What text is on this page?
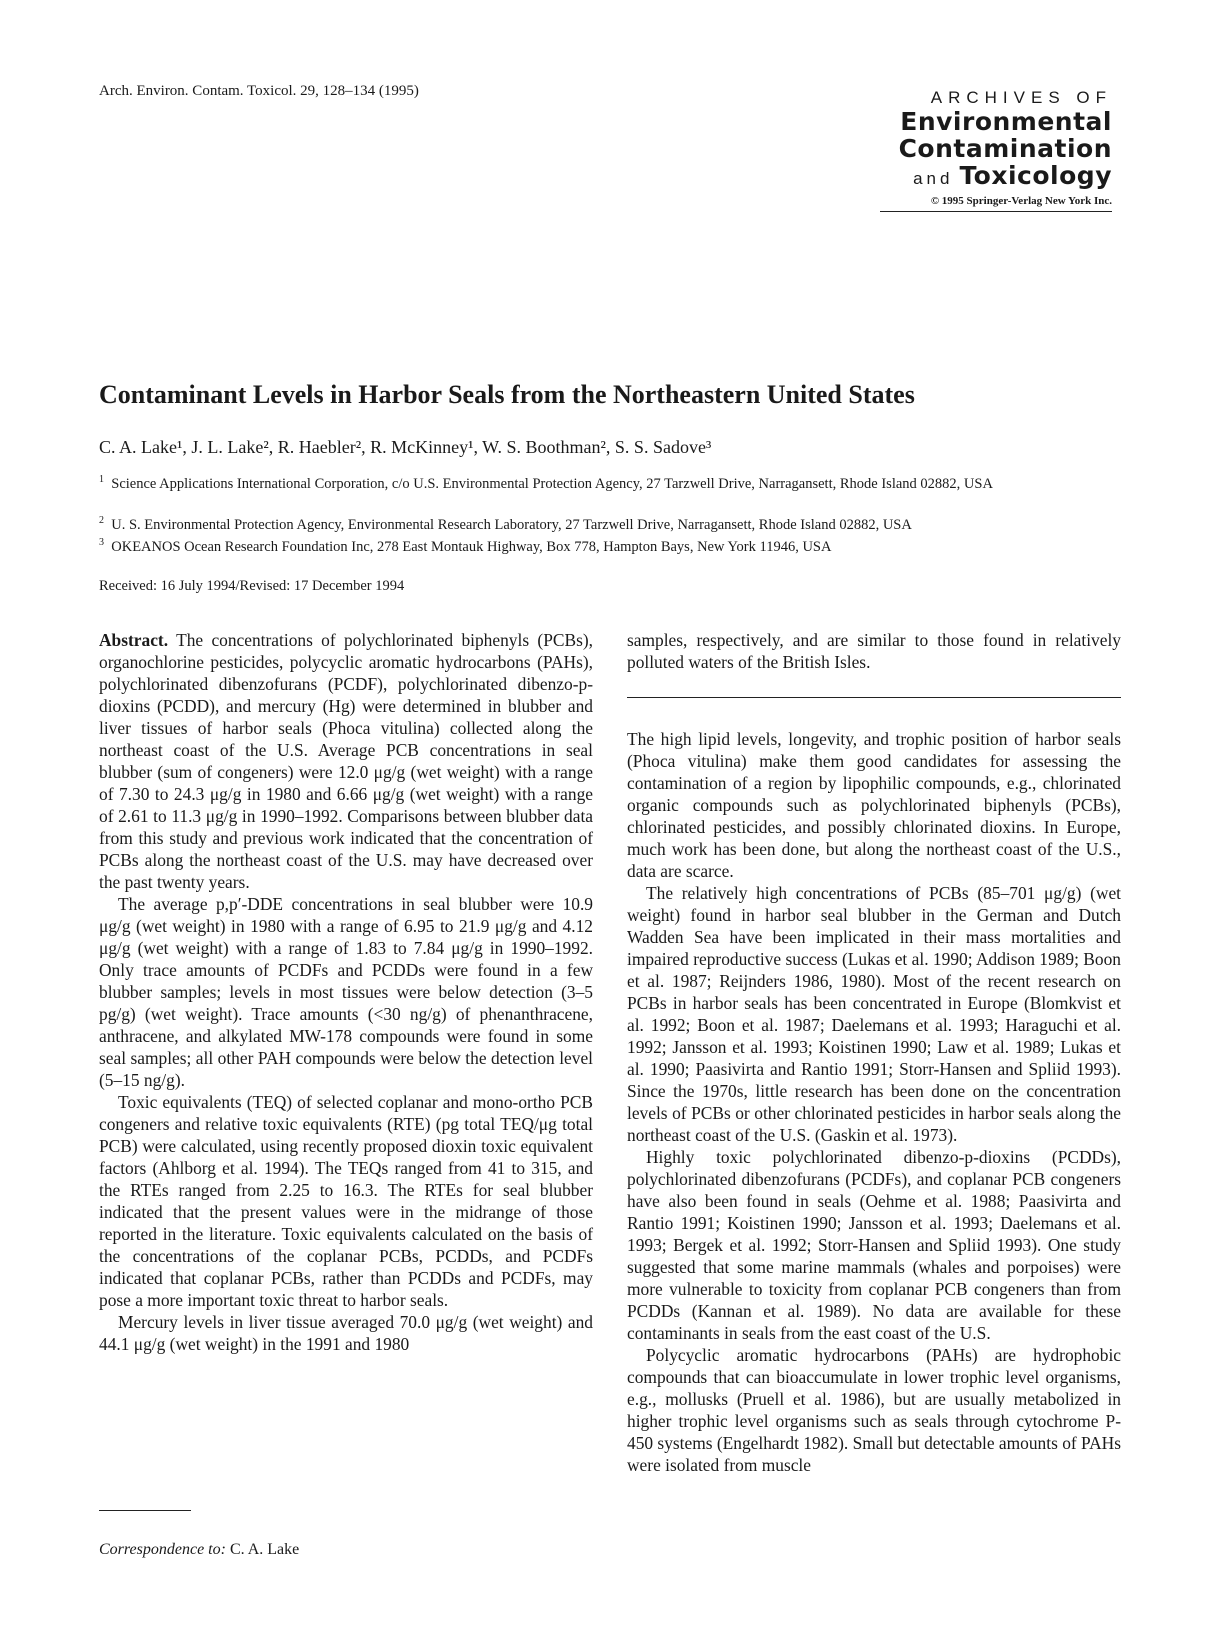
Arch. Environ. Contam. Toxicol. 29, 128–134 (1995)	ARCHIVES OF
Environmental
Contamination
and Toxicology
© 1995 Springer-Verlag New York Inc.
Contaminant Levels in Harbor Seals from the Northeastern United States
C. A. Lake¹, J. L. Lake², R. Haebler², R. McKinney¹, W. S. Boothman², S. S. Sadove³
$^1$ Science Applications International Corporation, c/o U.S. Environmental Protection Agency, 27 Tarzwell Drive, Narragansett, Rhode Island 02882, USA
$^2$ U. S. Environmental Protection Agency, Environmental Research Laboratory, 27 Tarzwell Drive, Narragansett, Rhode Island 02882, USA
$^3$ OKEANOS Ocean Research Foundation Inc, 278 East Montauk Highway, Box 778, Hampton Bays, New York 11946, USA
Received: 16 July 1994/Revised: 17 December 1994

Abstract. The concentrations of polychlorinated biphenyls (PCBs), organochlorine pesticides, polycyclic aromatic hydrocarbons (PAHs), polychlorinated dibenzofurans (PCDF), polychlorinated dibenzo-p-dioxins (PCDD), and mercury (Hg) were determined in blubber and liver tissues of harbor seals (Phoca vitulina) collected along the northeast coast of the U.S. Average PCB concentrations in seal blubber (sum of congeners) were 12.0 μg/g (wet weight) with a range of 7.30 to 24.3 μg/g in 1980 and 6.66 μg/g (wet weight) with a range of 2.61 to 11.3 μg/g in 1990–1992. Comparisons between blubber data from this study and previous work indicated that the concentration of PCBs along the northeast coast of the U.S. may have decreased over the past twenty years.

The average p,p′-DDE concentrations in seal blubber were 10.9 μg/g (wet weight) in 1980 with a range of 6.95 to 21.9 μg/g and 4.12 μg/g (wet weight) with a range of 1.83 to 7.84 μg/g in 1990–1992. Only trace amounts of PCDFs and PCDDs were found in a few blubber samples; levels in most tissues were below detection (3–5 pg/g) (wet weight). Trace amounts (<30 ng/g) of phenanthracene, anthracene, and alkylated MW-178 compounds were found in some seal samples; all other PAH compounds were below the detection level (5–15 ng/g).

Toxic equivalents (TEQ) of selected coplanar and mono-ortho PCB congeners and relative toxic equivalents (RTE) (pg total TEQ/μg total PCB) were calculated, using recently proposed dioxin toxic equivalent factors (Ahlborg et al. 1994). The TEQs ranged from 41 to 315, and the RTEs ranged from 2.25 to 16.3. The RTEs for seal blubber indicated that the present values were in the midrange of those reported in the literature. Toxic equivalents calculated on the basis of the concentrations of the coplanar PCBs, PCDDs, and PCDFs indicated that coplanar PCBs, rather than PCDDs and PCDFs, may pose a more important toxic threat to harbor seals.

Mercury levels in liver tissue averaged 70.0 μg/g (wet weight) and 44.1 μg/g (wet weight) in the 1991 and 1980

Correspondence to: C. A. Lake

samples, respectively, and are similar to those found in relatively polluted waters of the British Isles.

The high lipid levels, longevity, and trophic position of harbor seals (Phoca vitulina) make them good candidates for assessing the contamination of a region by lipophilic compounds, e.g., chlorinated organic compounds such as polychlorinated biphenyls (PCBs), chlorinated pesticides, and possibly chlorinated dioxins. In Europe, much work has been done, but along the northeast coast of the U.S., data are scarce.

The relatively high concentrations of PCBs (85–701 μg/g) (wet weight) found in harbor seal blubber in the German and Dutch Wadden Sea have been implicated in their mass mortalities and impaired reproductive success (Lukas et al. 1990; Addison 1989; Boon et al. 1987; Reijnders 1986, 1980). Most of the recent research on PCBs in harbor seals has been concentrated in Europe (Blomkvist et al. 1992; Boon et al. 1987; Daelemans et al. 1993; Haraguchi et al. 1992; Jansson et al. 1993; Koistinen 1990; Law et al. 1989; Lukas et al. 1990; Paasivirta and Rantio 1991; Storr-Hansen and Spliid 1993). Since the 1970s, little research has been done on the concentration levels of PCBs or other chlorinated pesticides in harbor seals along the northeast coast of the U.S. (Gaskin et al. 1973).

Highly toxic polychlorinated dibenzo-p-dioxins (PCDDs), polychlorinated dibenzofurans (PCDFs), and coplanar PCB congeners have also been found in seals (Oehme et al. 1988; Paasivirta and Rantio 1991; Koistinen 1990; Jansson et al. 1993; Daelemans et al. 1993; Bergek et al. 1992; Storr-Hansen and Spliid 1993). One study suggested that some marine mammals (whales and porpoises) were more vulnerable to toxicity from coplanar PCB congeners than from PCDDs (Kannan et al. 1989). No data are available for these contaminants in seals from the east coast of the U.S.

Polycyclic aromatic hydrocarbons (PAHs) are hydrophobic compounds that can bioaccumulate in lower trophic level organisms, e.g., mollusks (Pruell et al. 1986), but are usually metabolized in higher trophic level organisms such as seals through cytochrome P-450 systems (Engelhardt 1982). Small but detectable amounts of PAHs were isolated from muscle
